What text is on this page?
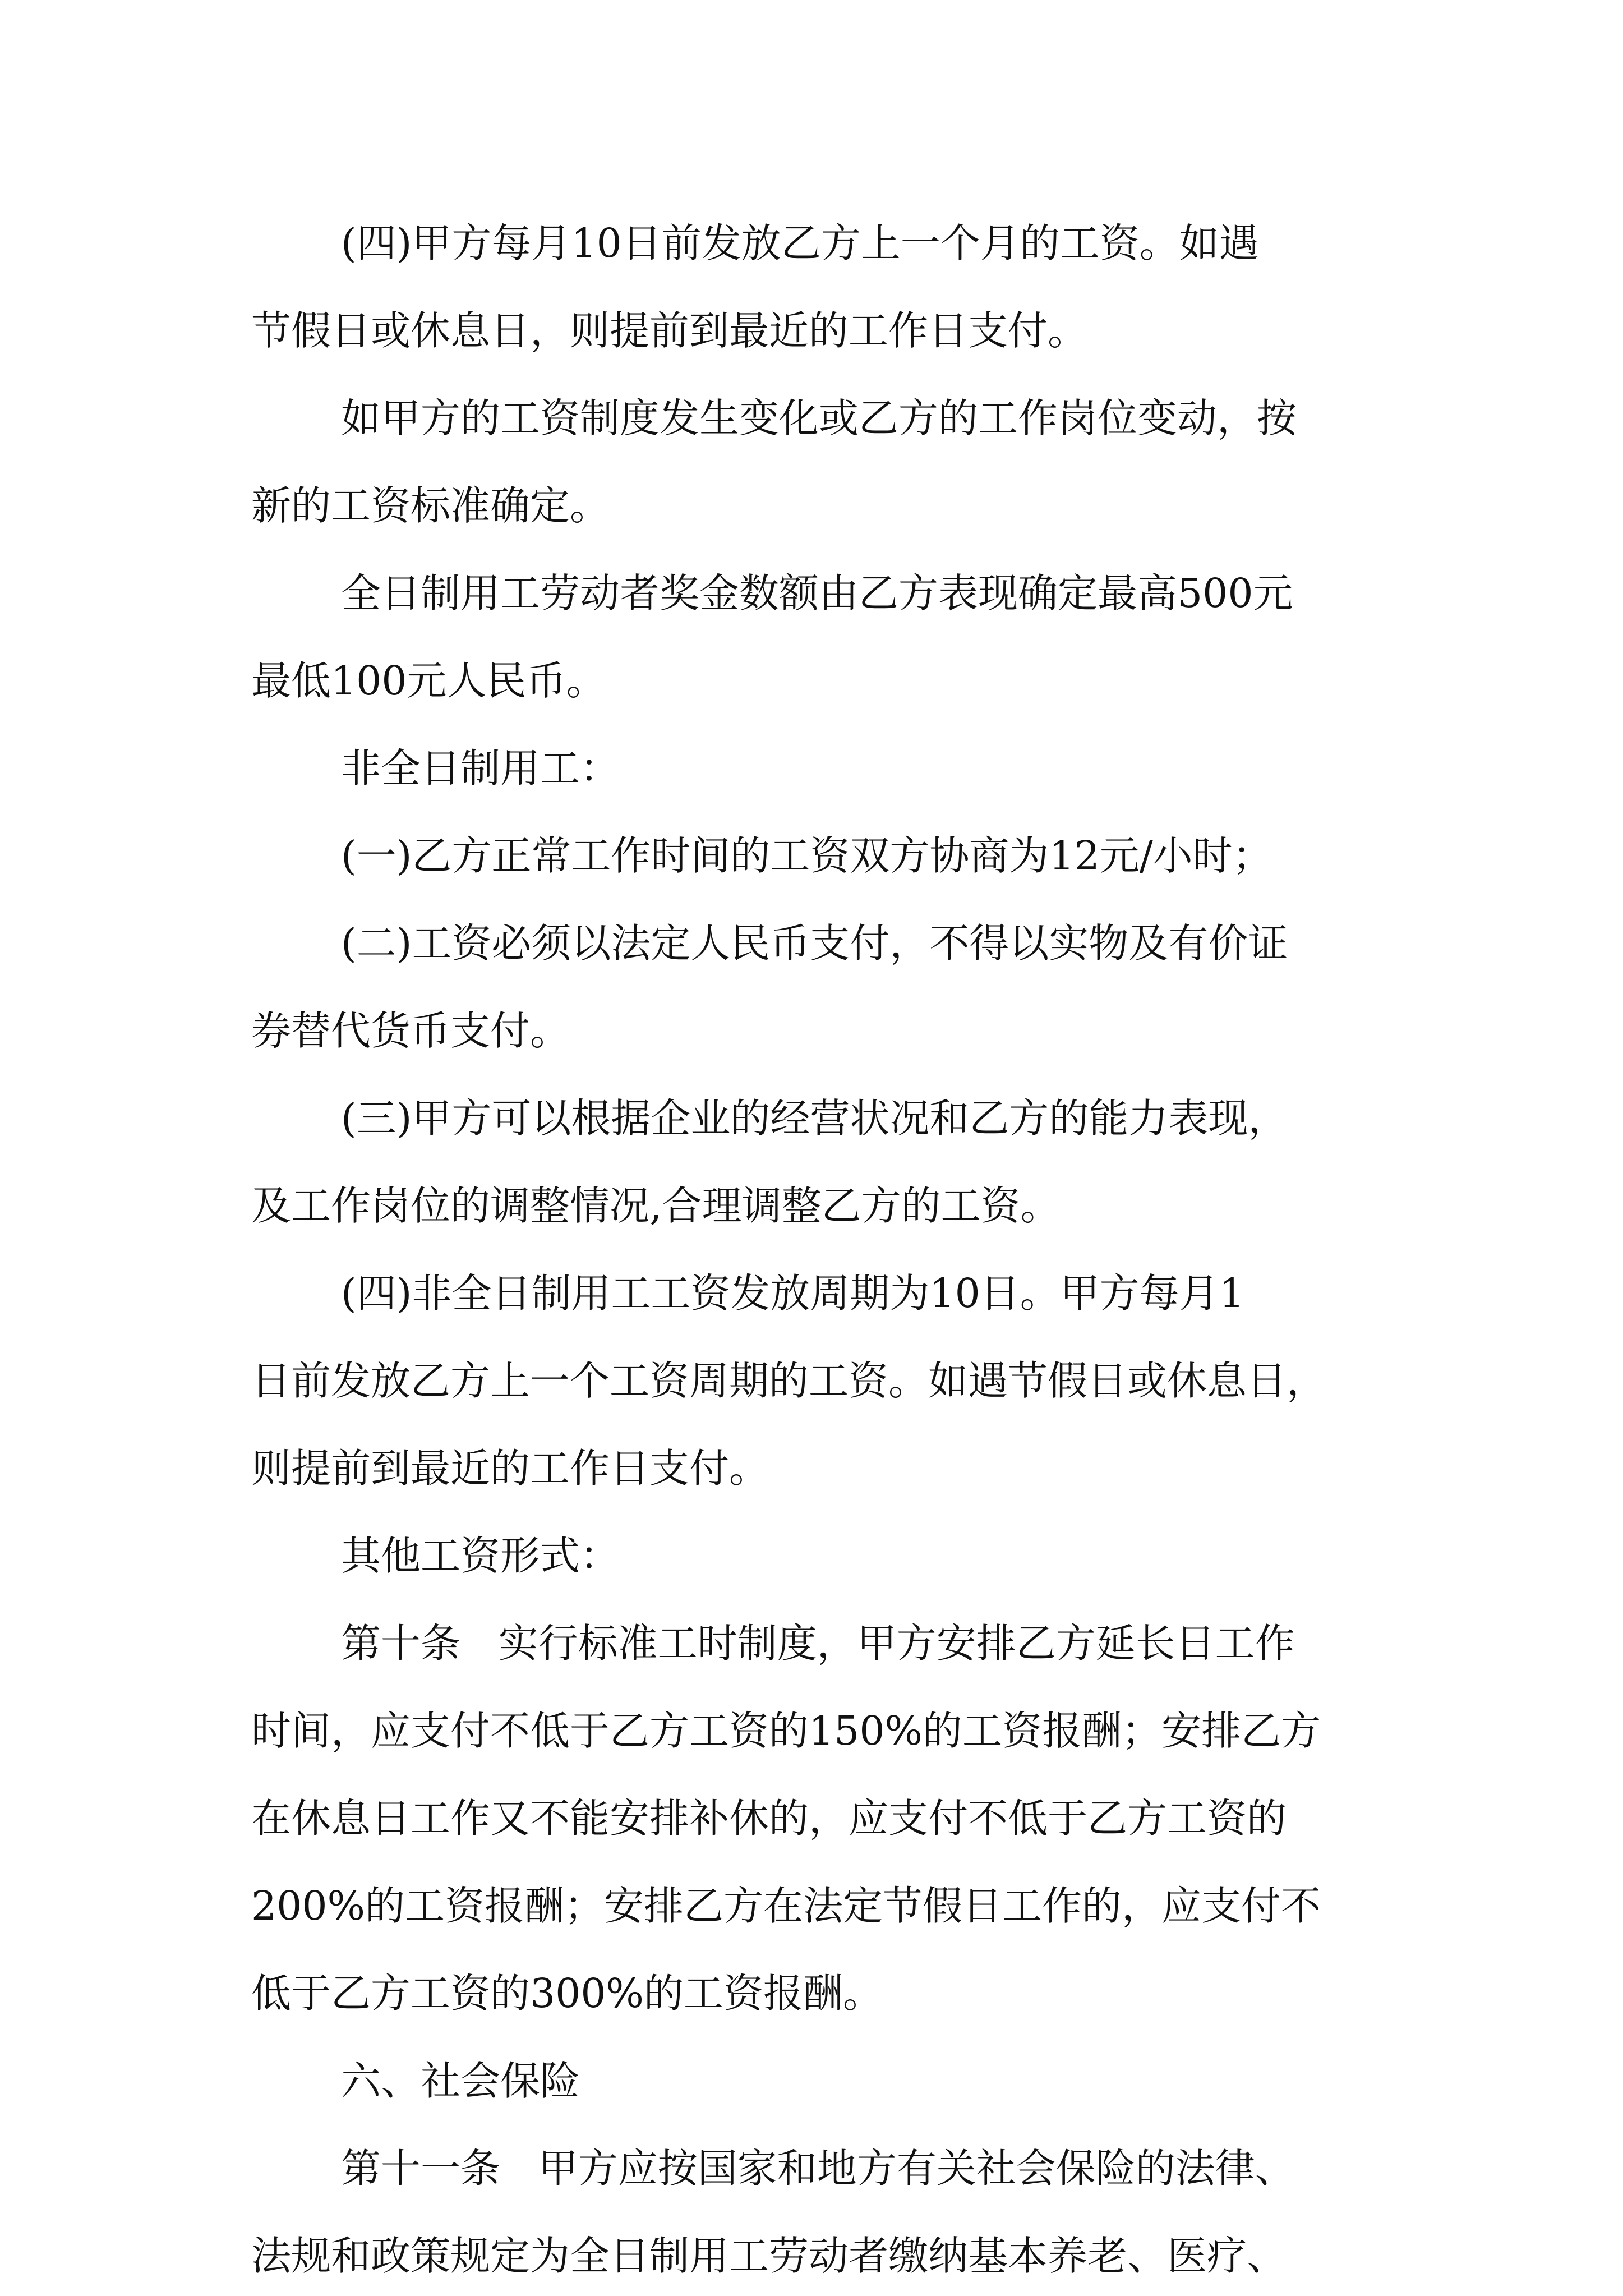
(四)甲方每月10日前发放乙方上一个月的工资。如遇
节假日或休息日，则提前到最近的工作日支付。
如甲方的工资制度发生变化或乙方的工作岗位变动，按
新的工资标准确定。
全日制用工劳动者奖金数额由乙方表现确定最高500元
最低100元人民币。
非全日制用工：
(一)乙方正常工作时间的工资双方协商为12元/小时；
(二)工资必须以法定人民币支付，不得以实物及有价证
券替代货币支付。
(三)甲方可以根据企业的经营状况和乙方的能力表现，
及工作岗位的调整情况,合理调整乙方的工资。
(四)非全日制用工工资发放周期为10日。甲方每月1
日前发放乙方上一个工资周期的工资。如遇节假日或休息日，
则提前到最近的工作日支付。
其他工资形式：
第十条   实行标准工时制度，甲方安排乙方延长日工作
时间，应支付不低于乙方工资的150%的工资报酬；安排乙方
在休息日工作又不能安排补休的，应支付不低于乙方工资的
200%的工资报酬；安排乙方在法定节假日工作的，应支付不
低于乙方工资的300%的工资报酬。
六、社会保险
第十一条   甲方应按国家和地方有关社会保险的法律、
法规和政策规定为全日制用工劳动者缴纳基本养老、医疗、
